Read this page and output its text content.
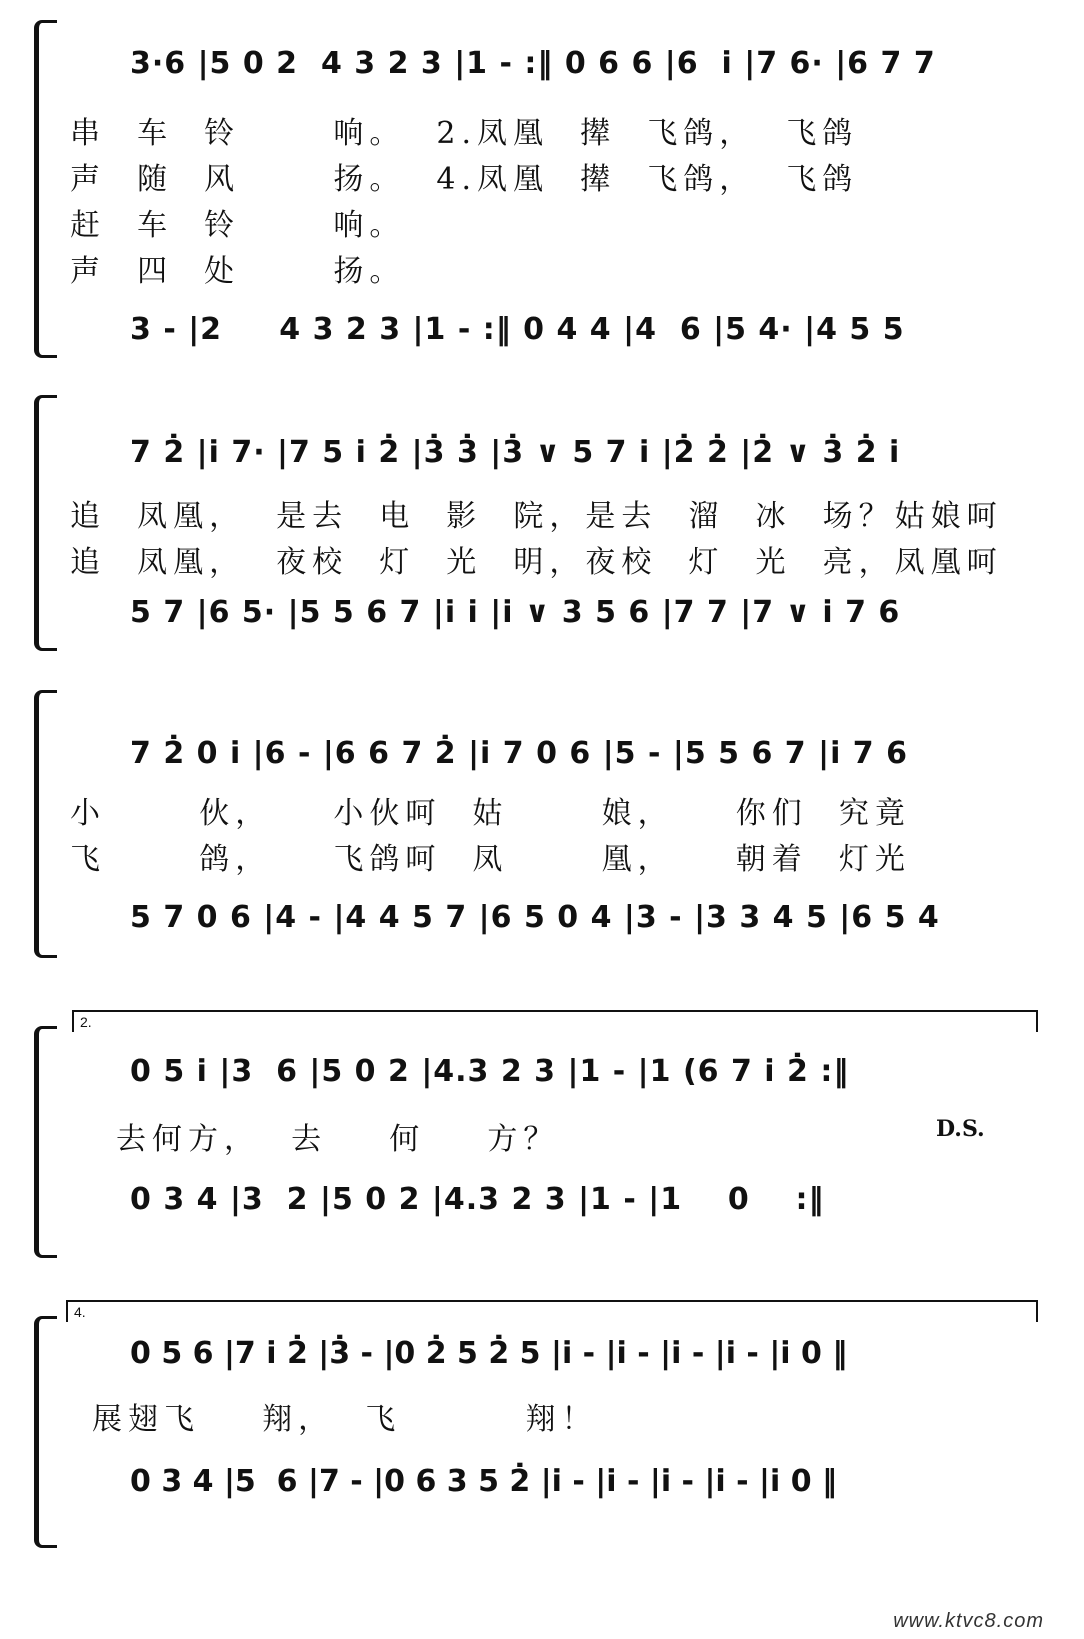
3·6 |5 0 2  4 3 2 3 |1 - :‖ 0 6 6 |6  i̇ |7 6· |6 7 7
串  车  铃      响。  2.凤凰  撵  飞鸽，  飞鸽
声  随  风      扬。  4.凤凰  撵  飞鸽，  飞鸽
赶  车  铃      响。
声  四  处      扬。
3 - |2     4 3 2 3 |1 - :‖ 0 4 4 |4  6 |5 4· |4 5 5
7 2̇ |i̇ 7· |7 5 i̇ 2̇ |3̇ 3̇ |3̇ ∨ 5 7 i̇ |2̇ 2̇ |2̇ ∨ 3̇ 2̇ i̇
追  凤凰，  是去  电  影  院，是去  溜  冰  场？姑娘呵
追  凤凰，  夜校  灯  光  明，夜校  灯  光  亮，凤凰呵
5 7 |6 5· |5 5 6 7 |i̇ i̇ |i̇ ∨ 3 5 6 |7 7 |7 ∨ i̇ 7 6
7 2̇ 0 i̇ |6 - |6 6 7 2̇ |i̇ 7 0 6 |5 - |5 5 6 7 |i̇ 7 6
小      伙，    小伙呵  姑      娘，    你们  究竟
飞      鸽，    飞鸽呵  凤      凰，    朝着  灯光
5 7 0 6 |4 - |4 4 5 7 |6 5 0 4 |3 - |3 3 4 5 |6 5 4
2.
0 5 i̇ |3  6 |5 0 2 |4.3 2 3 |1 - |1 (6 7 i̇ 2̇ :‖
去何方，  去    何    方？	D.S.
0 3 4 |3  2 |5 0 2 |4.3 2 3 |1 - |1    0    :‖
4.
0 5 6 |7 i̇ 2̇ |3̇ - |0 2̇ 5 2̇ 5 |i̇ - |i̇ - |i̇ - |i̇ - |i̇ 0 ‖
展翅飞    翔，  飞        翔！
0 3 4 |5  6 |7 - |0 6 3 5 2̇ |i̇ - |i̇ - |i̇ - |i̇ - |i̇ 0 ‖
www.ktvc8.com
